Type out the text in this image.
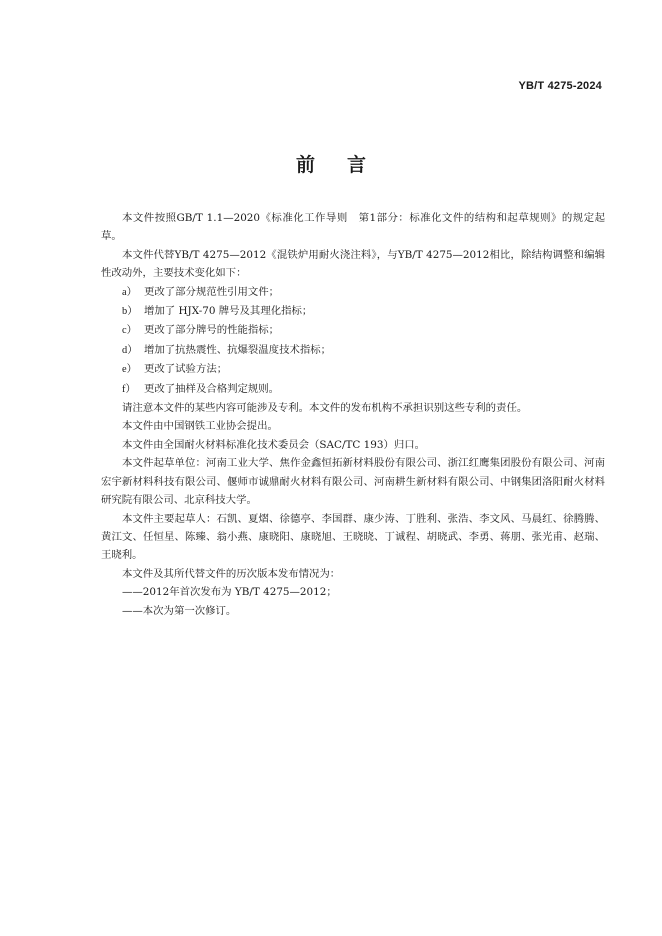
YB/T 4275-2024
前言

本文件按照GB/T 1.1—2020《标准化工作导则　第1部分：标准化文件的结构和起草规则》的规定起草。

本文件代替YB/T 4275—2012《混铁炉用耐火浇注料》，与YB/T 4275—2012相比，除结构调整和编辑性改动外，主要技术变化如下：

a） 更改了部分规范性引用文件；

b） 增加了 HJX-70 牌号及其理化指标；

c） 更改了部分牌号的性能指标；

d） 增加了抗热震性、抗爆裂温度技术指标；

e） 更改了试验方法；

f） 更改了抽样及合格判定规则。

请注意本文件的某些内容可能涉及专利。本文件的发布机构不承担识别这些专利的责任。

本文件由中国钢铁工业协会提出。

本文件由全国耐火材料标准化技术委员会（SAC/TC 193）归口。

本文件起草单位：河南工业大学、焦作金鑫恒拓新材料股份有限公司、浙江红鹰集团股份有限公司、河南宏宇新材料科技有限公司、偃师市诚鼎耐火材料有限公司、河南耕生新材料有限公司、中钢集团洛阳耐火材料研究院有限公司、北京科技大学。

本文件主要起草人：石凯、夏熠、徐德亭、李国群、康少涛、丁胜利、张浩、李文风、马晨红、徐腾腾、黄江文、任恒星、陈臻、翁小燕、康晓阳、康晓旭、王晓晓、丁诚程、胡晓武、李勇、蒋朋、张光甫、赵瑞、王晓利。

本文件及其所代替文件的历次版本发布情况为：

——2012年首次发布为 YB/T 4275—2012；

——本次为第一次修订。
